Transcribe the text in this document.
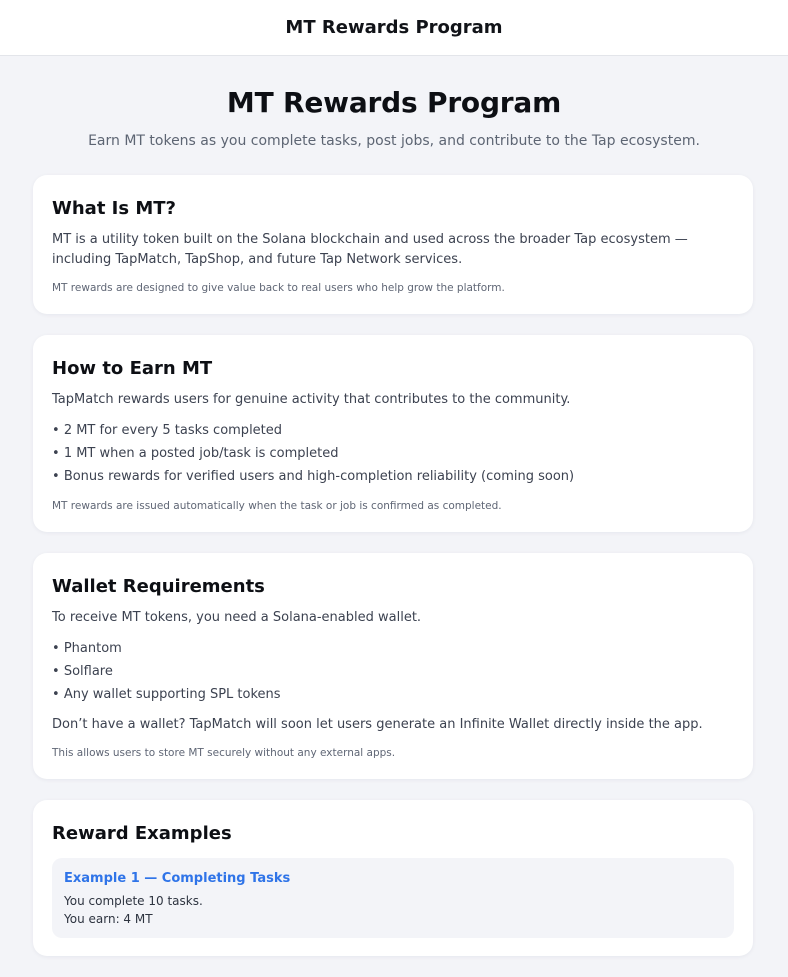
MT Rewards Program
MT Rewards Program

Earn MT tokens as you complete tasks, post jobs, and contribute to the Tap ecosystem.

What Is MT?

MT is a utility token built on the Solana blockchain and used across the broader Tap ecosystem — including TapMatch, TapShop, and future Tap Network services.

MT rewards are designed to give value back to real users who help grow the platform.

How to Earn MT

TapMatch rewards users for genuine activity that contributes to the community.

• 2 MT for every 5 tasks completed
• 1 MT when a posted job/task is completed
• Bonus rewards for verified users and high-completion reliability (coming soon)

MT rewards are issued automatically when the task or job is confirmed as completed.

Wallet Requirements

To receive MT tokens, you need a Solana-enabled wallet.

• Phantom
• Solflare
• Any wallet supporting SPL tokens

Don’t have a wallet? TapMatch will soon let users generate an Infinite Wallet directly inside the app.

This allows users to store MT securely without any external apps.

Reward Examples
Example 1 — Completing Tasks
You complete 10 tasks.
You earn: 4 MT
